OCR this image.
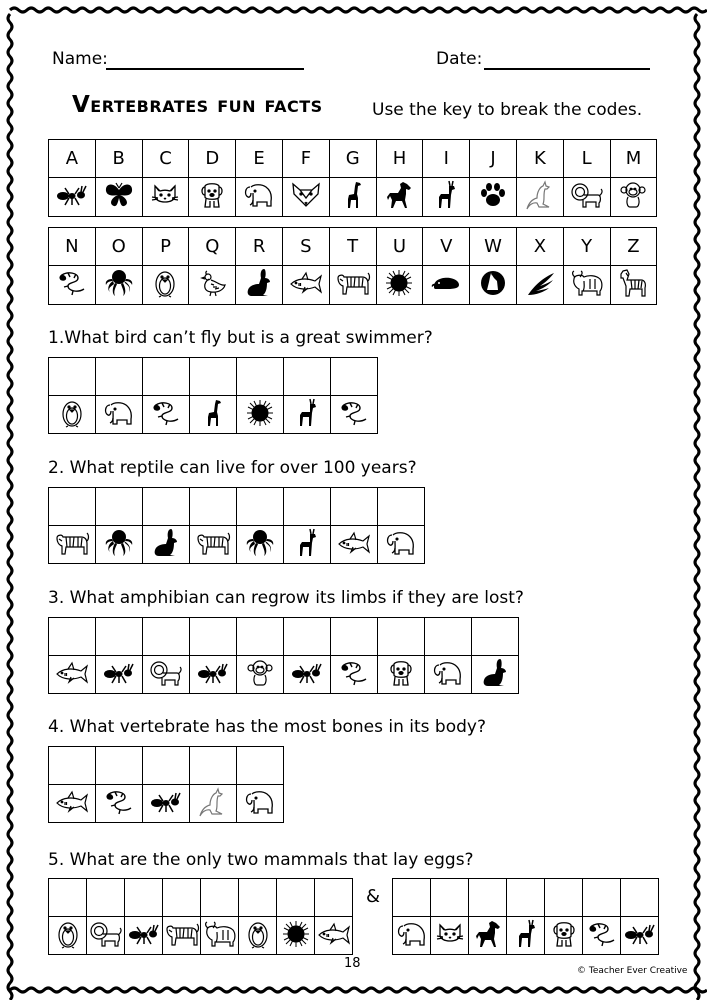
Name:	Date:
Vertebrates fun facts	Use the key to break the codes.
A	B	C	D	E	F	G	H	I	J	K	L	M

N	O	P	Q	R	S	T	U	V	W	X	Y	Z

1.What bird can’t fly but is a great swimmer?

2. What reptile can live for over 100 years?

3. What amphibian can regrow its limbs if they are lost?

4. What vertebrate has the most bones in its body?

5. What are the only two mammals that lay eggs?

&

18	© Teacher Ever Creative
